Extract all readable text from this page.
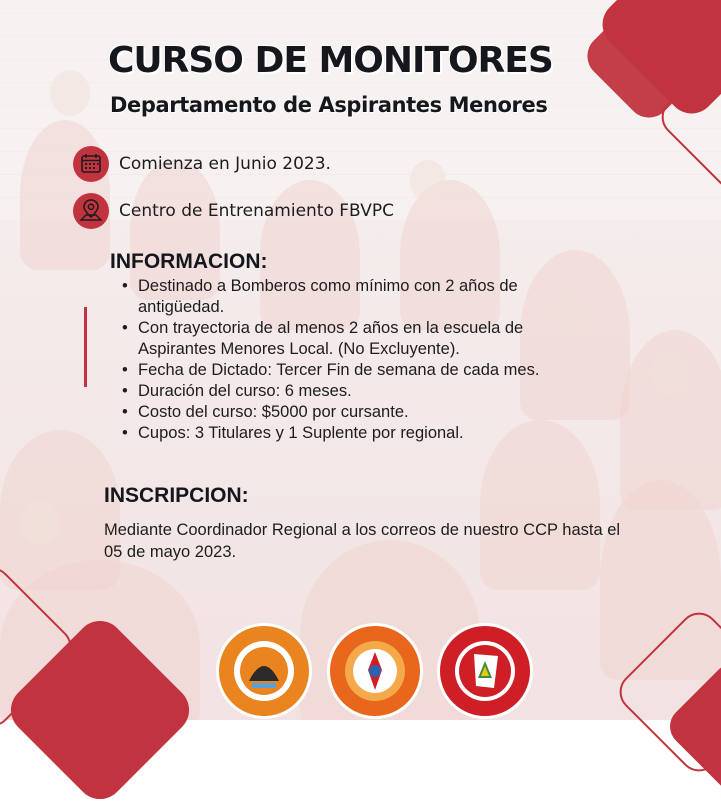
CURSO DE MONITORES
Departamento de Aspirantes Menores
Comienza en Junio 2023.
Centro de Entrenamiento FBVPC
INFORMACION:
• Destinado a Bomberos como mínimo con 2 años de antigüedad.
• Con trayectoria de al menos 2 años en la escuela de Aspirantes Menores Local. (No Excluyente).
• Fecha de Dictado: Tercer Fin de semana de cada mes.
• Duración del curso: 6 meses.
• Costo del curso: $5000 por cursante.
• Cupos: 3 Titulares y 1 Suplente por regional.
INSCRIPCION:

Mediante Coordinador Regional a los correos de nuestro CCP hasta el 05 de mayo 2023.
